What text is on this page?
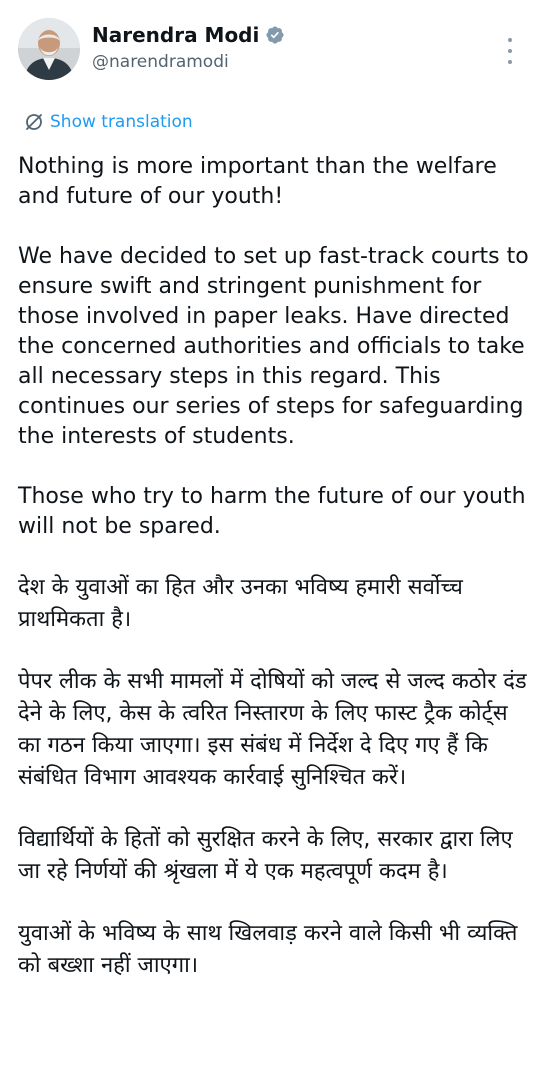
Narendra Modi
@narendramodi
Show translation

Nothing is more important than the welfare and future of our youth!

We have decided to set up fast-track courts to ensure swift and stringent punishment for those involved in paper leaks. Have directed the concerned authorities and officials to take all necessary steps in this regard. This continues our series of steps for safeguarding the interests of students.

Those who try to harm the future of our youth will not be spared.

देश के युवाओं का हित और उनका भविष्य हमारी सर्वोच्च प्राथमिकता है।

पेपर लीक के सभी मामलों में दोषियों को जल्द से जल्द कठोर दंड देने के लिए, केस के त्वरित निस्तारण के लिए फास्ट ट्रैक कोर्ट्स का गठन किया जाएगा। इस संबंध में निर्देश दे दिए गए हैं कि संबंधित विभाग आवश्यक कार्रवाई सुनिश्चित करें।

विद्यार्थियों के हितों को सुरक्षित करने के लिए, सरकार द्वारा लिए जा रहे निर्णयों की श्रृंखला में ये एक महत्वपूर्ण कदम है।

युवाओं के भविष्य के साथ खिलवाड़ करने वाले किसी भी व्यक्ति को बख्शा नहीं जाएगा।
